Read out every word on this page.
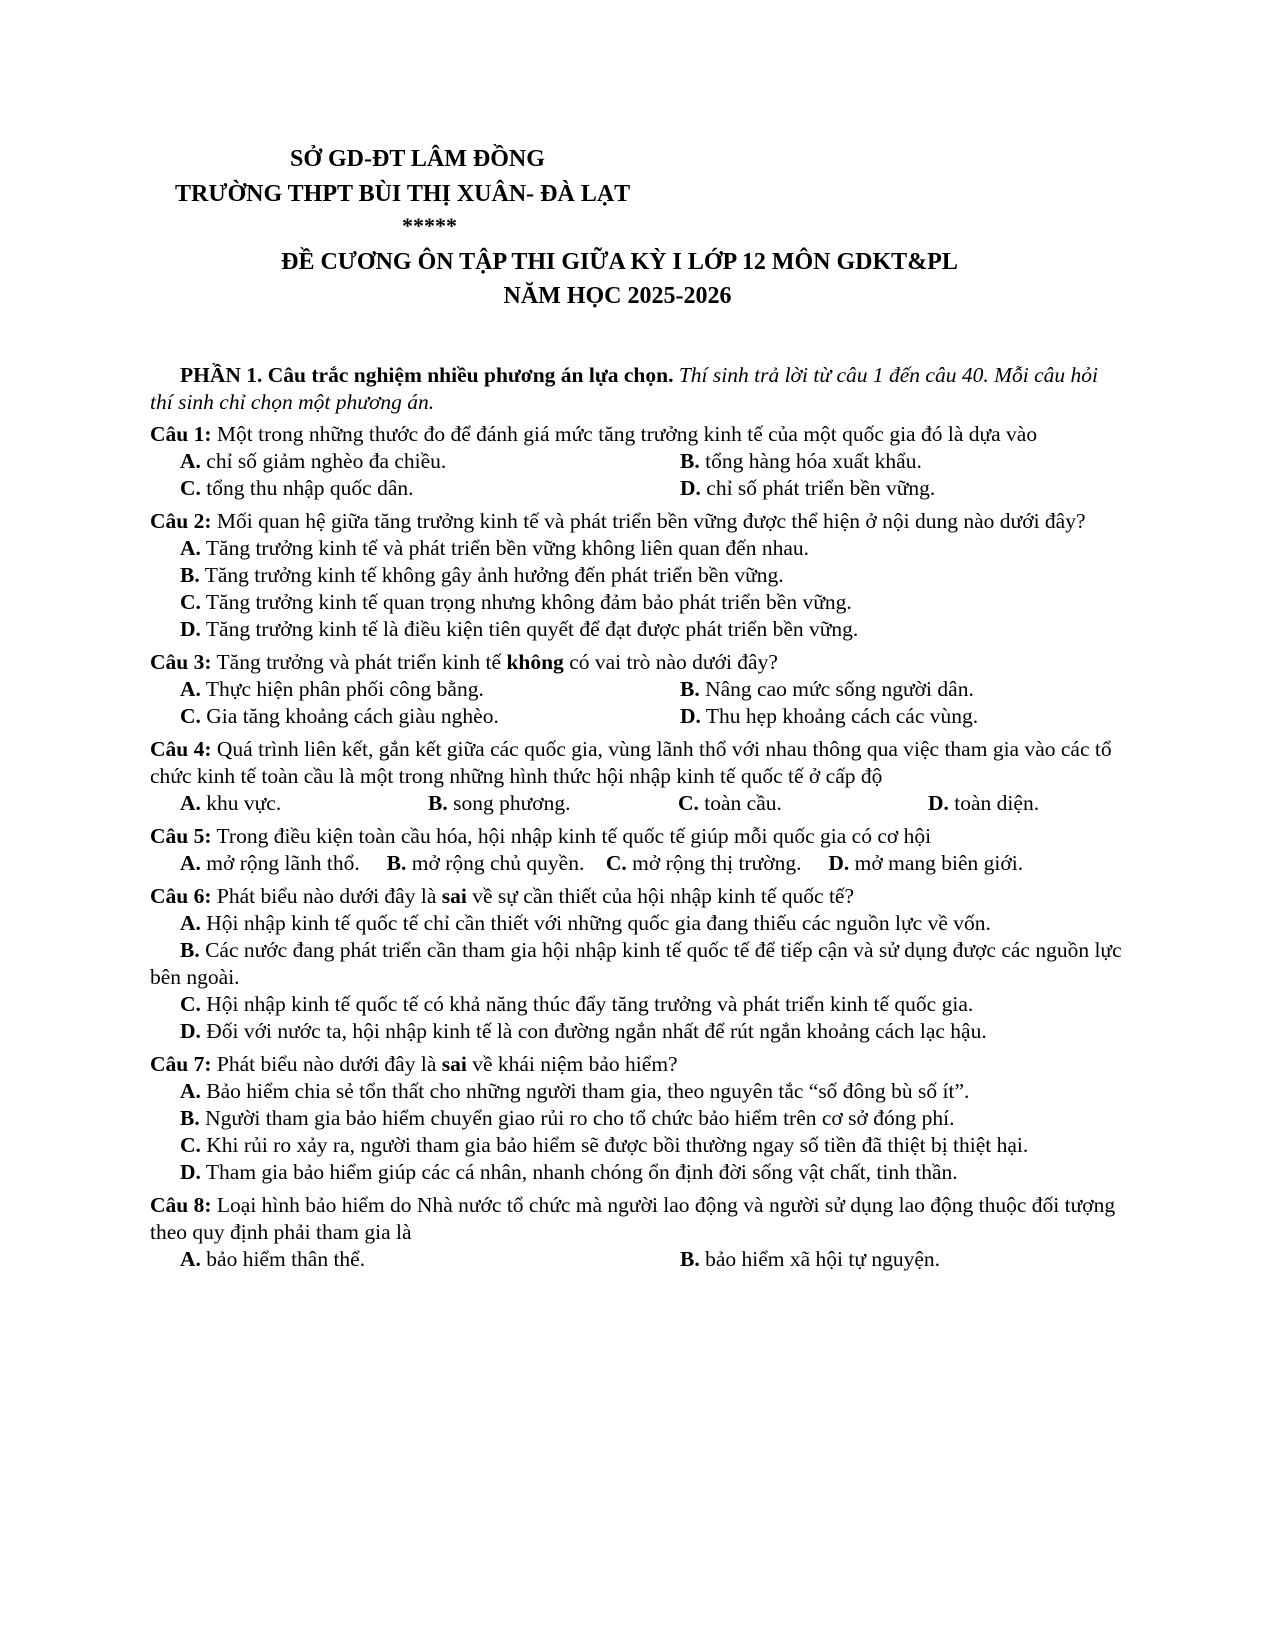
SỞ GD-ĐT LÂM ĐỒNG
TRƯỜNG THPT BÙI THỊ XUÂN- ĐÀ LẠT
*****
ĐỀ CƯƠNG ÔN TẬP THI GIỮA KỲ I LỚP 12 MÔN GDKT&PL
NĂM HỌC 2025-2026

PHẦN 1. Câu trắc nghiệm nhiều phương án lựa chọn. Thí sinh trả lời từ câu 1 đến câu 40. Mỗi câu hỏi thí sinh chỉ chọn một phương án.

Câu 1: Một trong những thước đo để đánh giá mức tăng trưởng kinh tế của một quốc gia đó là dựa vào

A. chỉ số giảm nghèo đa chiều.	B. tổng hàng hóa xuất khẩu.
C. tổng thu nhập quốc dân.	D. chỉ số phát triển bền vững.

Câu 2: Mối quan hệ giữa tăng trưởng kinh tế và phát triển bền vững được thể hiện ở nội dung nào dưới đây?

A. Tăng trưởng kinh tế và phát triển bền vững không liên quan đến nhau.

B. Tăng trưởng kinh tế không gây ảnh hưởng đến phát triển bền vững.

C. Tăng trưởng kinh tế quan trọng nhưng không đảm bảo phát triển bền vững.

D. Tăng trưởng kinh tế là điều kiện tiên quyết để đạt được phát triển bền vững.

Câu 3: Tăng trưởng và phát triển kinh tế không có vai trò nào dưới đây?

A. Thực hiện phân phối công bằng.	B. Nâng cao mức sống người dân.
C. Gia tăng khoảng cách giàu nghèo.	D. Thu hẹp khoảng cách các vùng.

Câu 4: Quá trình liên kết, gắn kết giữa các quốc gia, vùng lãnh thổ với nhau thông qua việc tham gia vào các tổ chức kinh tế toàn cầu là một trong những hình thức hội nhập kinh tế quốc tế ở cấp độ

A. khu vực.	B. song phương.	C. toàn cầu.	D. toàn diện.

Câu 5: Trong điều kiện toàn cầu hóa, hội nhập kinh tế quốc tế giúp mỗi quốc gia có cơ hội

A. mở rộng lãnh thổ. B. mở rộng chủ quyền. C. mở rộng thị trường. D. mở mang biên giới.

Câu 6: Phát biểu nào dưới đây là sai về sự cần thiết của hội nhập kinh tế quốc tế?

A. Hội nhập kinh tế quốc tế chỉ cần thiết với những quốc gia đang thiếu các nguồn lực về vốn.

B. Các nước đang phát triển cần tham gia hội nhập kinh tế quốc tế để tiếp cận và sử dụng được các nguồn lực bên ngoài.

C. Hội nhập kinh tế quốc tế có khả năng thúc đẩy tăng trưởng và phát triển kinh tế quốc gia.

D. Đối với nước ta, hội nhập kinh tế là con đường ngắn nhất để rút ngắn khoảng cách lạc hậu.

Câu 7: Phát biểu nào dưới đây là sai về khái niệm bảo hiểm?

A. Bảo hiểm chia sẻ tổn thất cho những người tham gia, theo nguyên tắc “số đông bù số ít”.

B. Người tham gia bảo hiểm chuyển giao rủi ro cho tổ chức bảo hiểm trên cơ sở đóng phí.

C. Khi rủi ro xảy ra, người tham gia bảo hiểm sẽ được bồi thường ngay số tiền đã thiệt bị thiệt hại.

D. Tham gia bảo hiểm giúp các cá nhân, nhanh chóng ổn định đời sống vật chất, tinh thần.

Câu 8: Loại hình bảo hiểm do Nhà nước tổ chức mà người lao động và người sử dụng lao động thuộc đối tượng theo quy định phải tham gia là

A. bảo hiểm thân thể.	B. bảo hiểm xã hội tự nguyện.
